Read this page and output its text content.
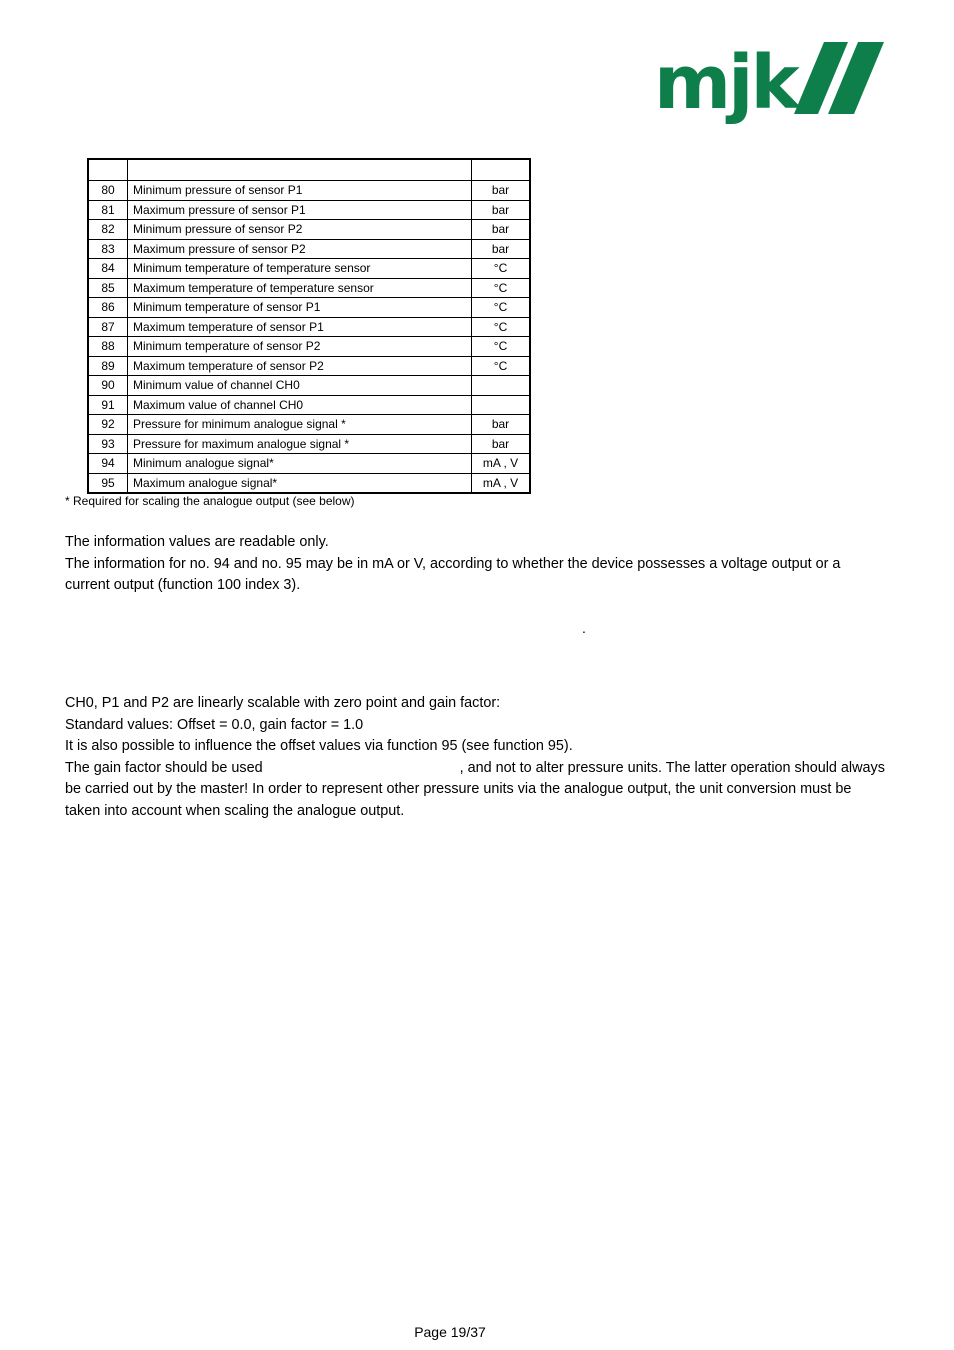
mjk

80	Minimum pressure of sensor P1	bar
81	Maximum pressure of sensor P1	bar
82	Minimum pressure of sensor P2	bar
83	Maximum pressure of sensor P2	bar
84	Minimum temperature of temperature sensor	°C
85	Maximum temperature of temperature sensor	°C
86	Minimum temperature of sensor P1	°C
87	Maximum temperature of sensor P1	°C
88	Minimum temperature of sensor P2	°C
89	Maximum temperature of sensor P2	°C
90	Minimum value of channel CH0	
91	Maximum value of channel CH0	
92	Pressure for minimum analogue signal *	bar
93	Pressure for maximum analogue signal *	bar
94	Minimum analogue signal*	mA , V
95	Maximum analogue signal*	mA , V
* Required for scaling the analogue output (see below)

The information values are readable only.

The information for no. 94 and no. 95 may be in mA or V, according to whether the device possesses a voltage output or a current output (function 100 index 3).

.

CH0, P1 and P2 are linearly scalable with zero point and gain factor:

Standard values: Offset = 0.0, gain factor = 1.0

It is also possible to influence the offset values via function 95 (see function 95).

The gain factor should be used	, and not to alter pressure units. The latter operation should always be carried out by the master! In order to represent other pressure units via the analogue output, the unit conversion must be taken into account when scaling the analogue output.

Page 19/37
